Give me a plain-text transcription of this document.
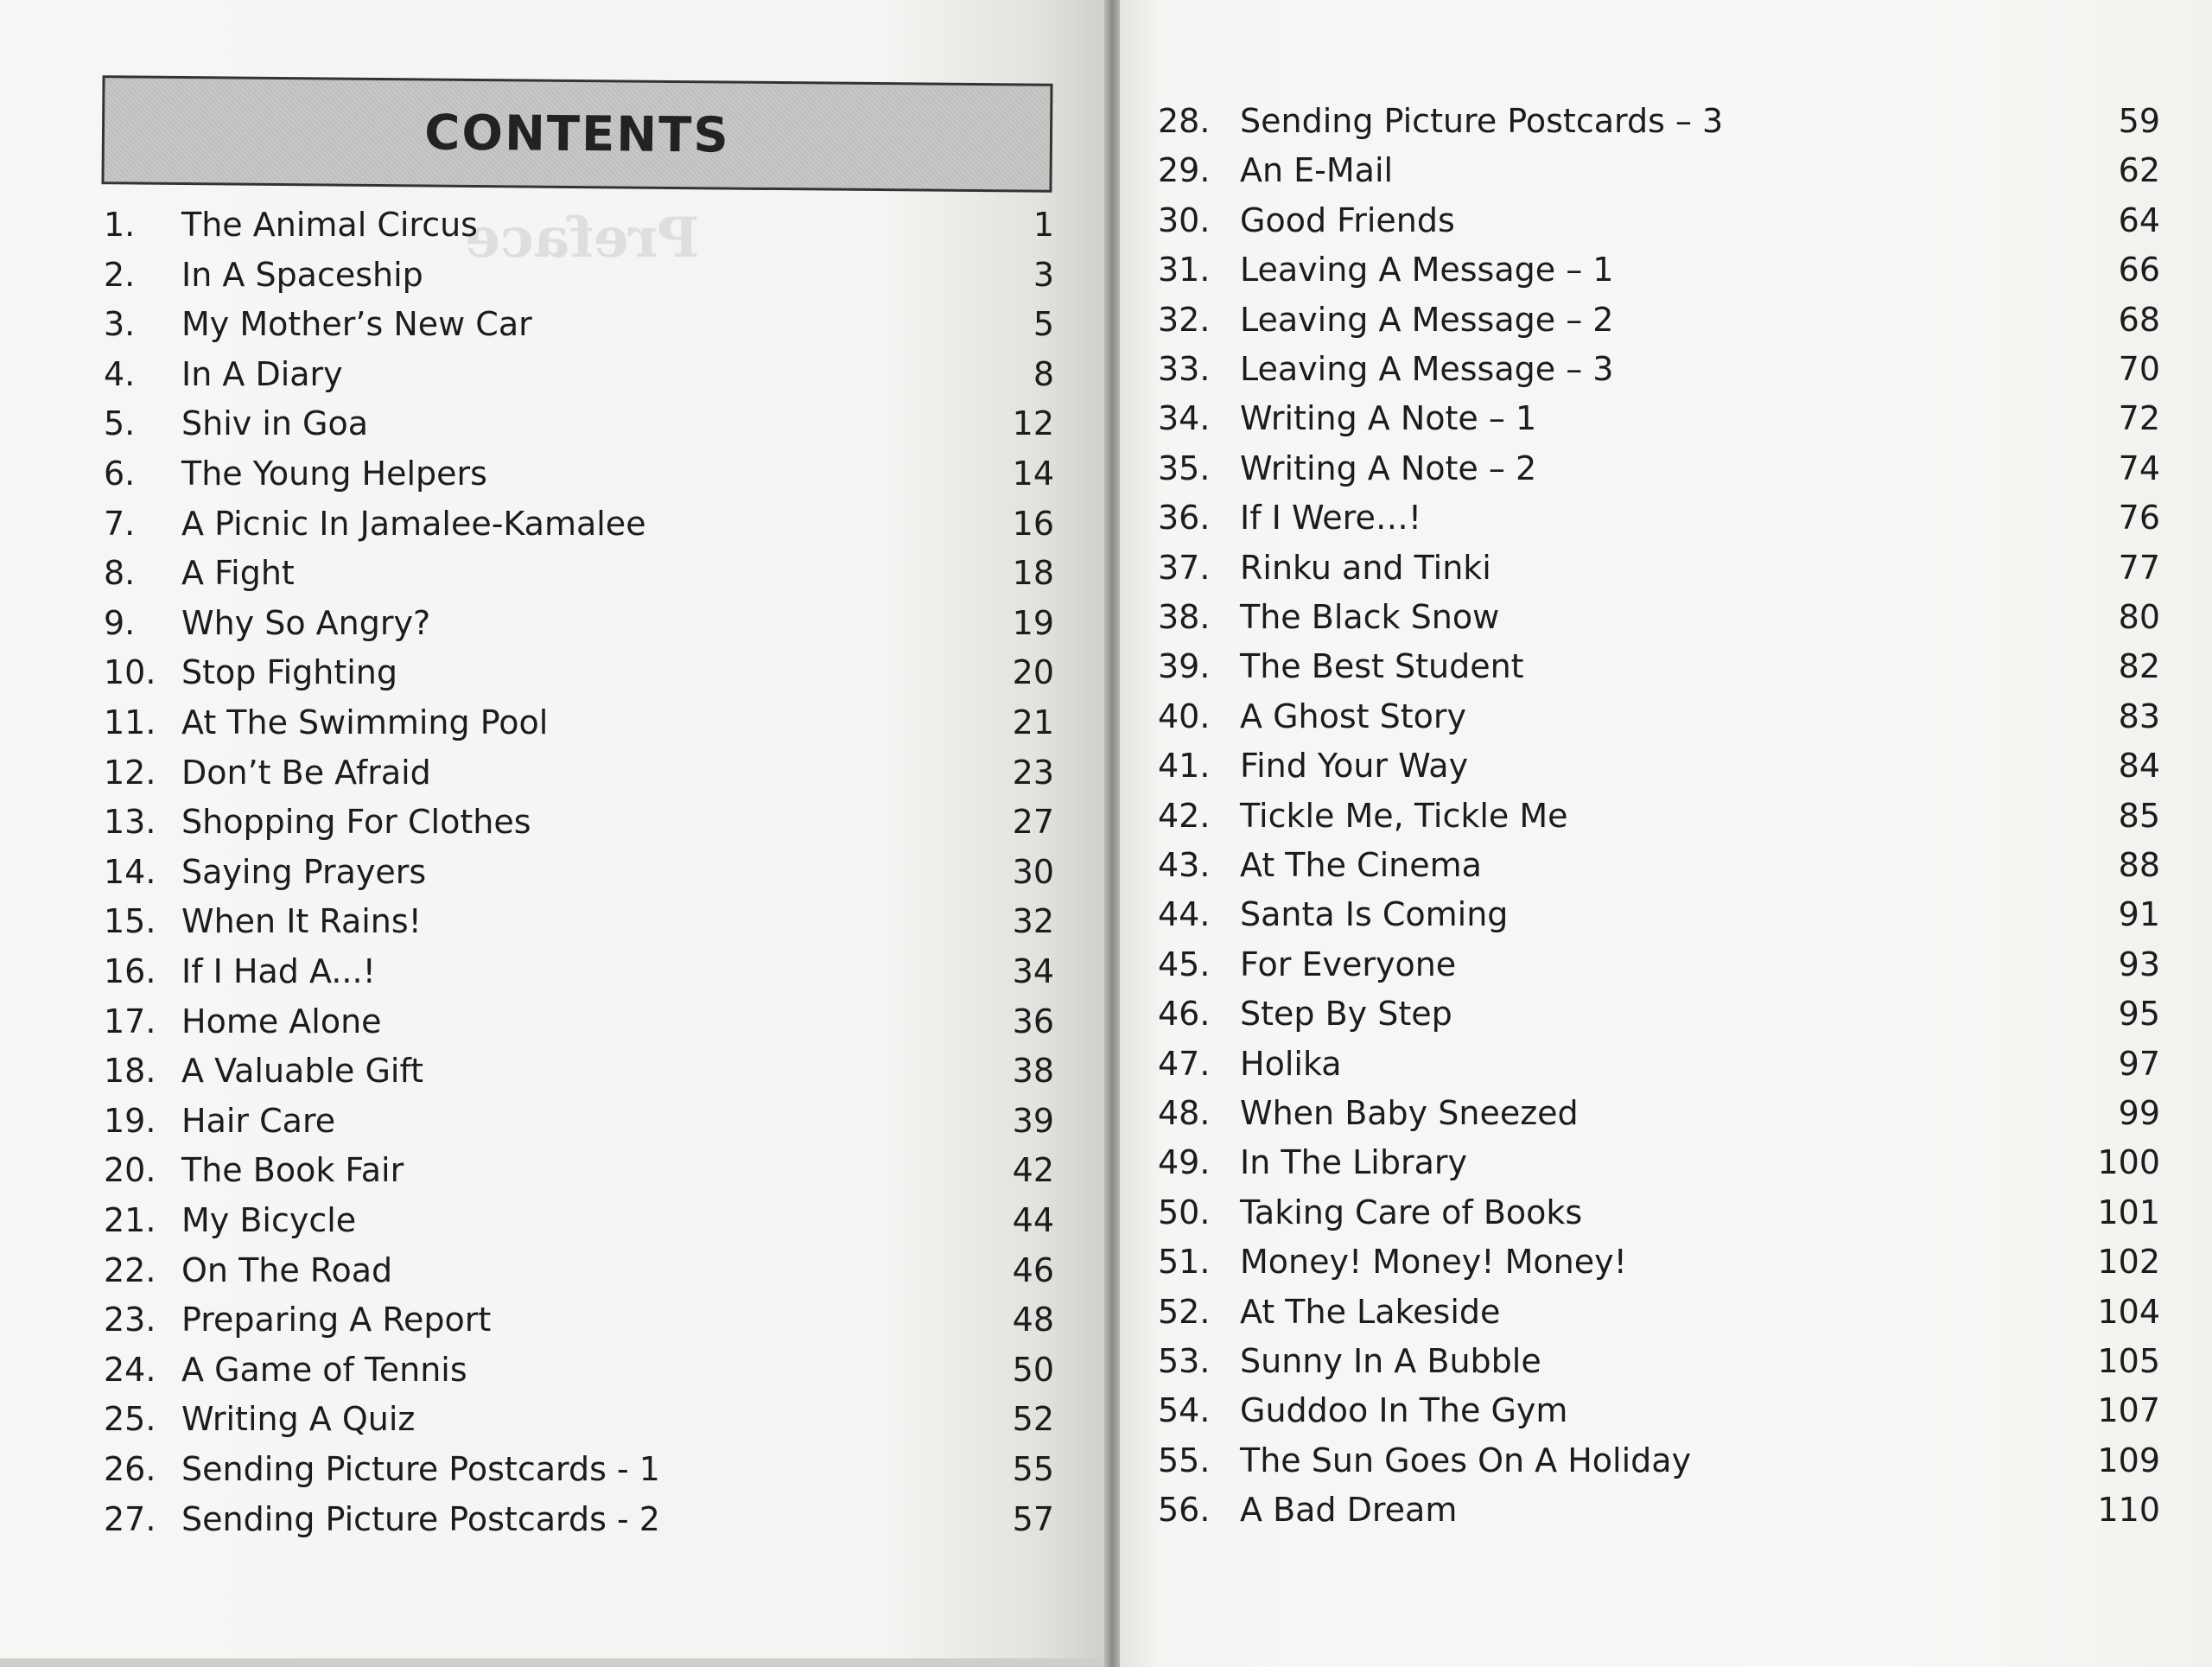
Preface
CONTENTS
1. The Animal Circus	1
2. In A Spaceship	3
3. My Mother’s New Car	5
4. In A Diary	8
5. Shiv in Goa	12
6. The Young Helpers	14
7. A Picnic In Jamalee-Kamalee	16
8. A Fight	18
9. Why So Angry?	19
10. Stop Fighting	20
11. At The Swimming Pool	21
12. Don’t Be Afraid	23
13. Shopping For Clothes	27
14. Saying Prayers	30
15. When It Rains!	32
16. If I Had A...!	34
17. Home Alone	36
18. A Valuable Gift	38
19. Hair Care	39
20. The Book Fair	42
21. My Bicycle	44
22. On The Road	46
23. Preparing A Report	48
24. A Game of Tennis	50
25. Writing A Quiz	52
26. Sending Picture Postcards - 1	55
27. Sending Picture Postcards - 2	57
28. Sending Picture Postcards – 3	59
29. An E-Mail	62
30. Good Friends	64
31. Leaving A Message – 1	66
32. Leaving A Message – 2	68
33. Leaving A Message – 3	70
34. Writing A Note – 1	72
35. Writing A Note – 2	74
36. If I Were…!	76
37. Rinku and Tinki	77
38. The Black Snow	80
39. The Best Student	82
40. A Ghost Story	83
41. Find Your Way	84
42. Tickle Me, Tickle Me	85
43. At The Cinema	88
44. Santa Is Coming	91
45. For Everyone	93
46. Step By Step	95
47. Holika	97
48. When Baby Sneezed	99
49. In The Library	100
50. Taking Care of Books	101
51. Money! Money! Money!	102
52. At The Lakeside	104
53. Sunny In A Bubble	105
54. Guddoo In The Gym	107
55. The Sun Goes On A Holiday	109
56. A Bad Dream	110
